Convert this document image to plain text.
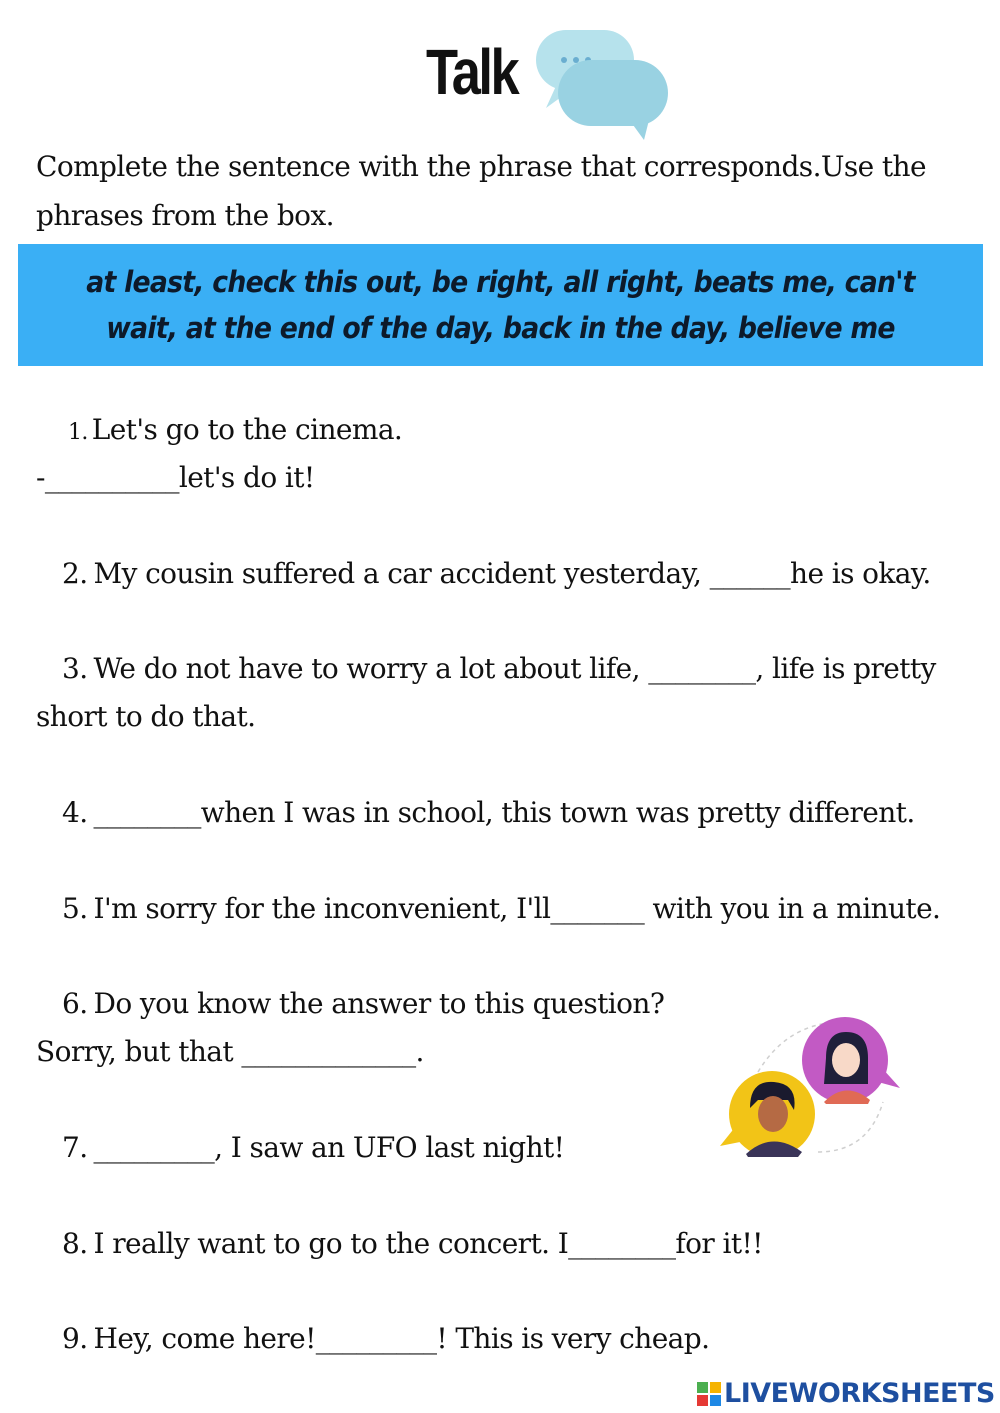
Talk
Complete the sentence with the phrase that corresponds.Use the phrases from the box.
at least, check this out, be right, all right, beats me, can't wait, at the end of the day, back in the day, believe me
1. Let's go to the cinema.
-__________let's do it!
2. My cousin suffered a car accident yesterday, ______he is okay.
3. We do not have to worry a lot about life, ________, life is pretty
short to do that.
4. ________when I was in school, this town was pretty different.
5. I'm sorry for the inconvenient, I'll_______ with you in a minute.
6. Do you know the answer to this question?
Sorry, but that _____________.
7. _________, I saw an UFO last night!
8. I really want to go to the concert. I________for it!!
9. Hey, come here!_________! This is very cheap.
LIVEWORKSHEETS
